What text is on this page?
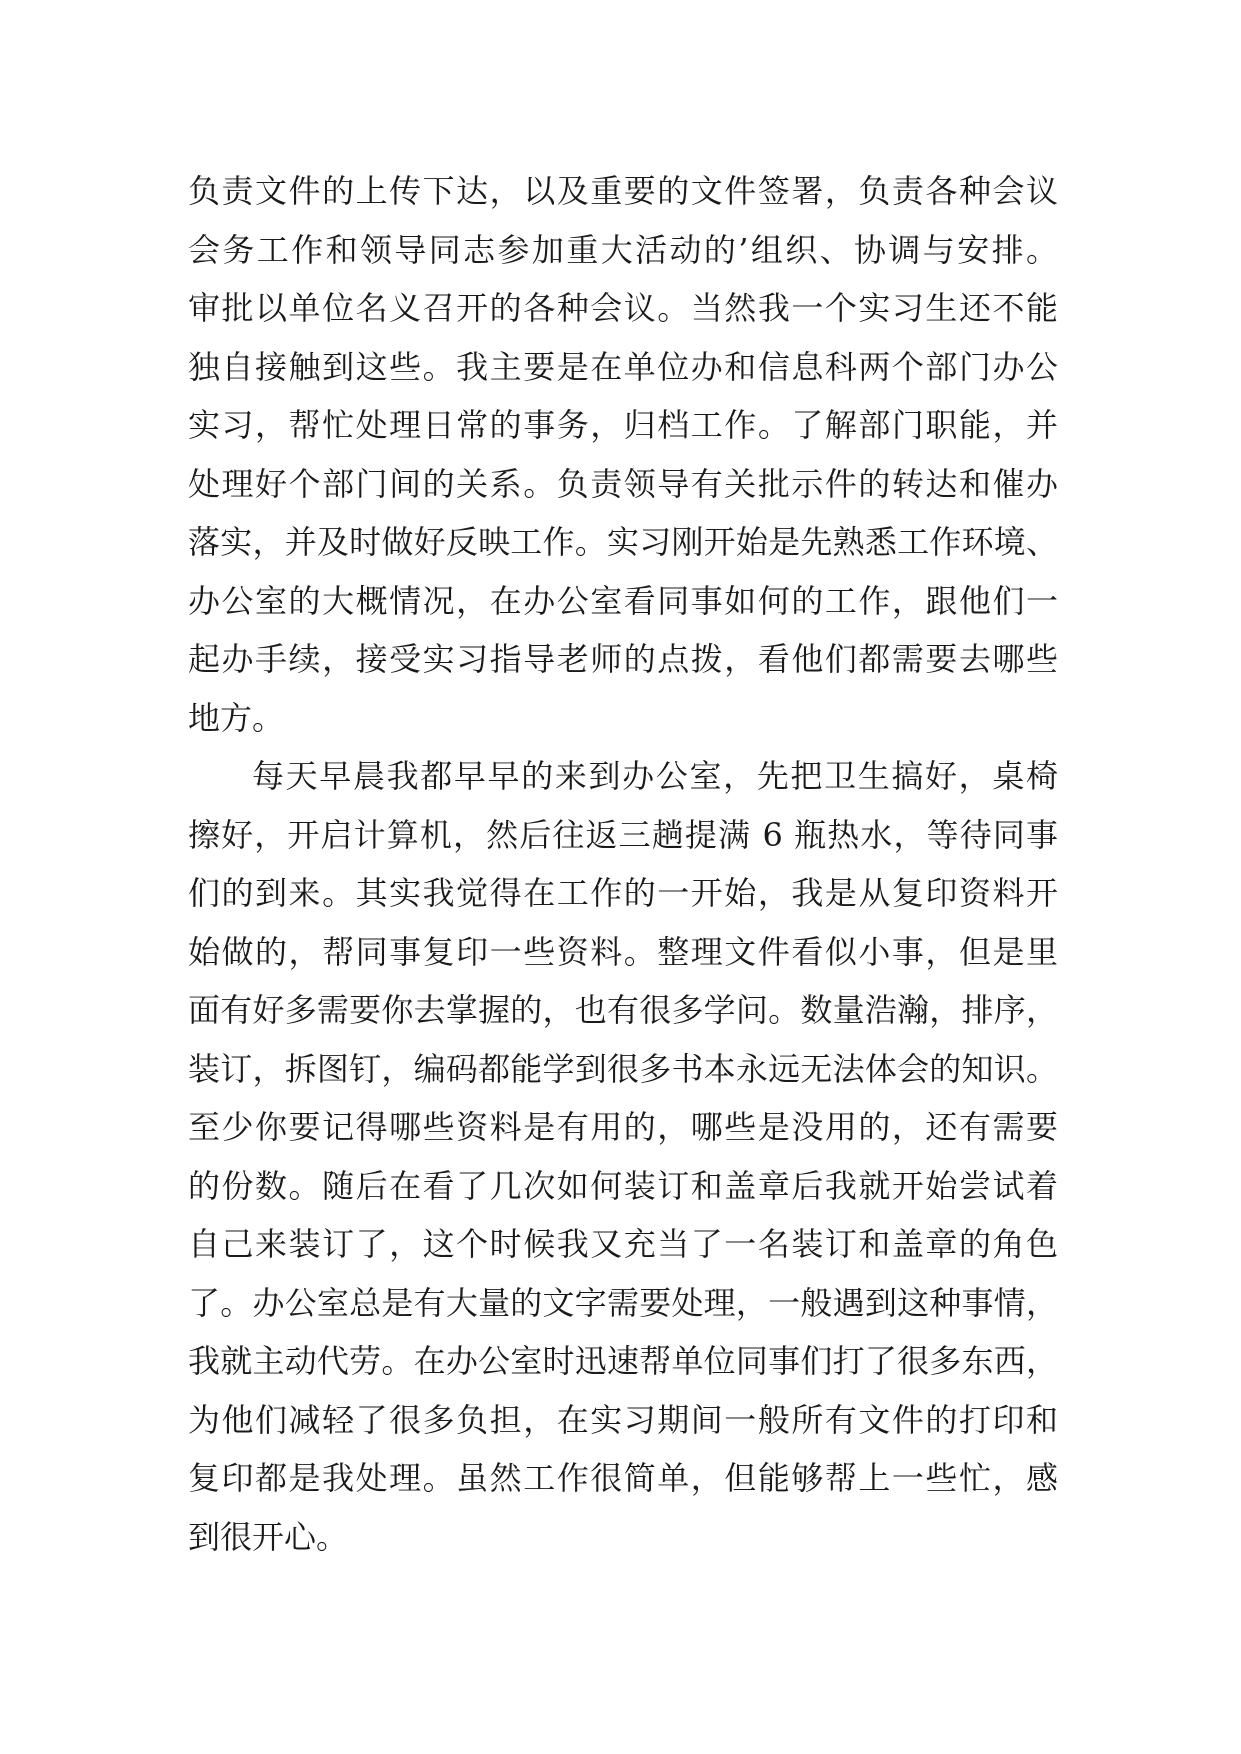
负责文件的上传下达，以及重要的文件签署，负责各种会议
会务工作和领导同志参加重大活动的’组织、协调与安排。
审批以单位名义召开的各种会议。当然我一个实习生还不能
独自接触到这些。我主要是在单位办和信息科两个部门办公
实习，帮忙处理日常的事务，归档工作。了解部门职能，并
处理好个部门间的关系。负责领导有关批示件的转达和催办
落实，并及时做好反映工作。实习刚开始是先熟悉工作环境、
办公室的大概情况，在办公室看同事如何的工作，跟他们一
起办手续，接受实习指导老师的点拨，看他们都需要去哪些
地方。
每天早晨我都早早的来到办公室，先把卫生搞好，桌椅
擦好，开启计算机，然后往返三趟提满 6 瓶热水，等待同事
们的到来。其实我觉得在工作的一开始，我是从复印资料开
始做的，帮同事复印一些资料。整理文件看似小事，但是里
面有好多需要你去掌握的，也有很多学问。数量浩瀚，排序，
装订，拆图钉，编码都能学到很多书本永远无法体会的知识。
至少你要记得哪些资料是有用的，哪些是没用的，还有需要
的份数。随后在看了几次如何装订和盖章后我就开始尝试着
自己来装订了，这个时候我又充当了一名装订和盖章的角色
了。办公室总是有大量的文字需要处理，一般遇到这种事情，
我就主动代劳。在办公室时迅速帮单位同事们打了很多东西，
为他们减轻了很多负担，在实习期间一般所有文件的打印和
复印都是我处理。虽然工作很简单，但能够帮上一些忙，感
到很开心。
